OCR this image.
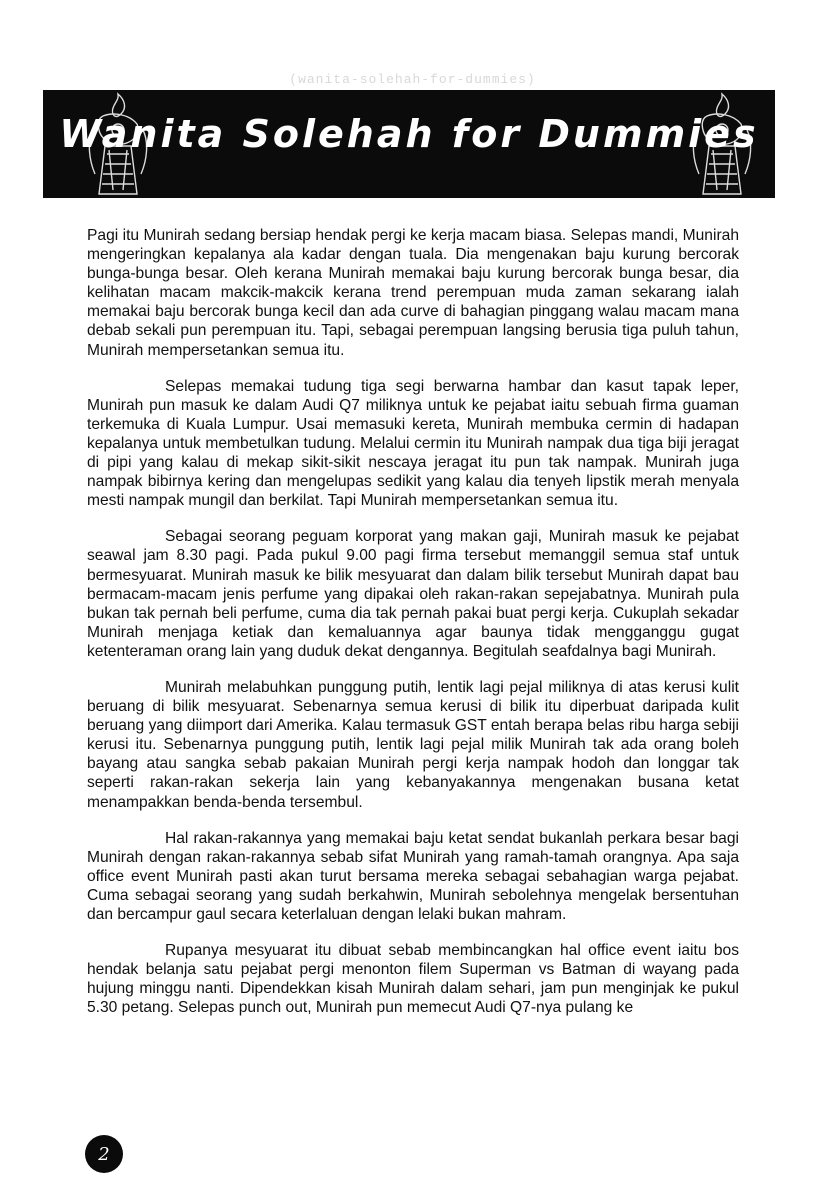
Wanita Solehah for Dummies
(wanita-solehah-for-dummies)

Pagi itu Munirah sedang bersiap hendak pergi ke kerja macam biasa. Selepas mandi, Munirah mengeringkan kepalanya ala kadar dengan tuala. Dia mengenakan baju kurung bercorak bunga-bunga besar. Oleh kerana Munirah memakai baju kurung bercorak bunga besar, dia kelihatan macam makcik-makcik kerana trend perempuan muda zaman sekarang ialah memakai baju bercorak bunga kecil dan ada curve di bahagian pinggang walau macam mana debab sekali pun perempuan itu. Tapi, sebagai perempuan langsing berusia tiga puluh tahun, Munirah mempersetankan semua itu.

Selepas memakai tudung tiga segi berwarna hambar dan kasut tapak leper, Munirah pun masuk ke dalam Audi Q7 miliknya untuk ke pejabat iaitu sebuah firma guaman terkemuka di Kuala Lumpur. Usai memasuki kereta, Munirah membuka cermin di hadapan kepalanya untuk membetulkan tudung. Melalui cermin itu Munirah nampak dua tiga biji jeragat di pipi yang kalau di mekap sikit-sikit nescaya jeragat itu pun tak nampak. Munirah juga nampak bibirnya kering dan mengelupas sedikit yang kalau dia tenyeh lipstik merah menyala mesti nampak mungil dan berkilat. Tapi Munirah mempersetankan semua itu.

Sebagai seorang peguam korporat yang makan gaji, Munirah masuk ke pejabat seawal jam 8.30 pagi. Pada pukul 9.00 pagi firma tersebut memanggil semua staf untuk bermesyuarat. Munirah masuk ke bilik mesyuarat dan dalam bilik tersebut Munirah dapat bau bermacam-macam jenis perfume yang dipakai oleh rakan-rakan sepejabatnya. Munirah pula bukan tak pernah beli perfume, cuma dia tak pernah pakai buat pergi kerja. Cukuplah sekadar Munirah menjaga ketiak dan kemaluannya agar baunya tidak mengganggu gugat ketenteraman orang lain yang duduk dekat dengannya. Begitulah seafdalnya bagi Munirah.

Munirah melabuhkan punggung putih, lentik lagi pejal miliknya di atas kerusi kulit beruang di bilik mesyuarat. Sebenarnya semua kerusi di bilik itu diperbuat daripada kulit beruang yang diimport dari Amerika. Kalau termasuk GST entah berapa belas ribu harga sebiji kerusi itu. Sebenarnya punggung putih, lentik lagi pejal milik Munirah tak ada orang boleh bayang atau sangka sebab pakaian Munirah pergi kerja nampak hodoh dan longgar tak seperti rakan-rakan sekerja lain yang kebanyakannya mengenakan busana ketat menampakkan benda-benda tersembul.

Hal rakan-rakannya yang memakai baju ketat sendat bukanlah perkara besar bagi Munirah dengan rakan-rakannya sebab sifat Munirah yang ramah-tamah orangnya. Apa saja office event Munirah pasti akan turut bersama mereka sebagai sebahagian warga pejabat. Cuma sebagai seorang yang sudah berkahwin, Munirah sebolehnya mengelak bersentuhan dan bercampur gaul secara keterlaluan dengan lelaki bukan mahram.

Rupanya mesyuarat itu dibuat sebab membincangkan hal office event iaitu bos hendak belanja satu pejabat pergi menonton filem Superman vs Batman di wayang pada hujung minggu nanti. Dipendekkan kisah Munirah dalam sehari, jam pun menginjak ke pukul 5.30 petang. Selepas punch out, Munirah pun memecut Audi Q7-nya pulang ke

2
